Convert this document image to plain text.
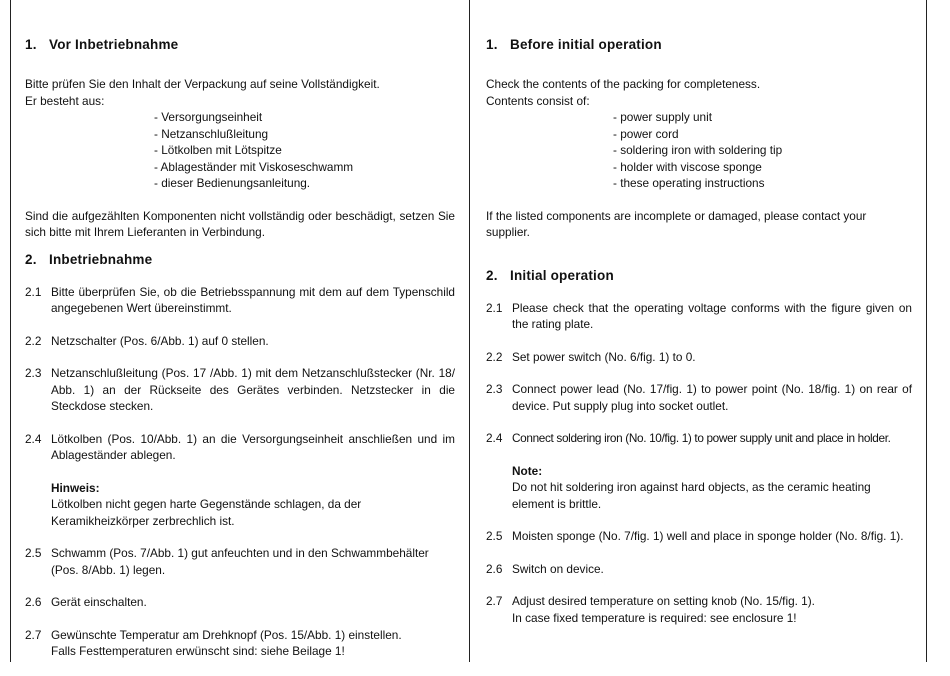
1. Vor Inbetriebnahme

Bitte prüfen Sie den Inhalt der Verpackung auf seine Vollständigkeit.

Er besteht aus:

- Versorgungseinheit
- Netzanschlußleitung
- Lötkolben mit Lötspitze
- Ablageständer mit Viskoseschwamm
- dieser Bedienungsanleitung.

Sind die aufgezählten Komponenten nicht vollständig oder beschädigt, setzen Sie sich bitte mit Ihrem Lieferanten in Verbindung.

2. Inbetriebnahme
2.1 Bitte überprüfen Sie, ob die Betriebsspannung mit dem auf dem Typenschild angegebenen Wert übereinstimmt.
2.2 Netzschalter (Pos. 6/Abb. 1) auf 0 stellen.
2.3 Netzanschlußleitung (Pos. 17 /Abb. 1) mit dem Netzanschlußstecker (Nr. 18/ Abb. 1) an der Rückseite des Gerätes verbinden. Netzstecker in die Steckdose stecken.
2.4 Lötkolben (Pos. 10/Abb. 1) an die Versorgungseinheit anschließen und im Ablageständer ablegen.
Hinweis:
Lötkolben nicht gegen harte Gegenstände schlagen, da der Keramikheizkörper zerbrechlich ist.
2.5 Schwamm (Pos. 7/Abb. 1) gut anfeuchten und in den Schwammbehälter (Pos. 8/Abb. 1) legen.
2.6 Gerät einschalten.
2.7 Gewünschte Temperatur am Drehknopf (Pos. 15/Abb. 1) einstellen.
Falls Festtemperaturen erwünscht sind: siehe Beilage 1!
1. Before initial operation

Check the contents of the packing for completeness.

Contents consist of:

- power supply unit
- power cord
- soldering iron with soldering tip
- holder with viscose sponge
- these operating instructions

If the listed components are incomplete or damaged, please contact your supplier.

2. Initial operation
2.1 Please check that the operating voltage conforms with the figure given on the rating plate.
2.2 Set power switch (No. 6/fig. 1) to 0.
2.3 Connect power lead (No. 17/fig. 1) to power point (No. 18/fig. 1) on rear of device. Put supply plug into socket outlet.
2.4 Connect soldering iron (No. 10/fig. 1) to power supply unit and place in holder.
Note:
Do not hit soldering iron against hard objects, as the ceramic heating element is brittle.
2.5 Moisten sponge (No. 7/fig. 1) well and place in sponge holder (No. 8/fig. 1).
2.6 Switch on device.
2.7 Adjust desired temperature on setting knob (No. 15/fig. 1).
In case fixed temperature is required: see enclosure 1!
